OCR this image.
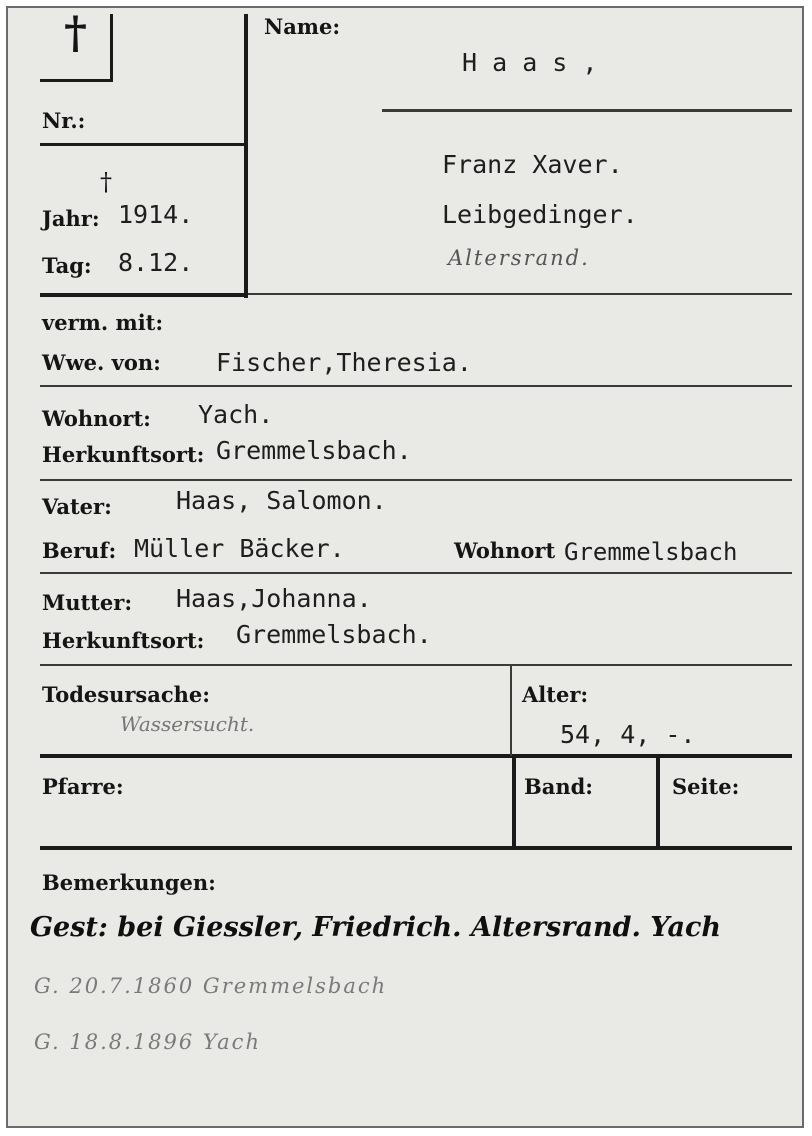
†
Nr.:
†
Jahr: 1914.
Tag: 8.12.
Name:
H a a s ,
Franz Xaver.
Leibgedinger.
Altersrand.
verm. mit:
Wwe. von: Fischer,Theresia.
Wohnort: Yach.
Herkunftsort: Gremmelsbach.
Vater:	Haas, Salomon.
Beruf: Müller Bäcker.	Wohnort Gremmelsbach
Mutter: Haas,Johanna.
Herkunftsort: Gremmelsbach.
Todesursache:
Wassersucht.
Alter:
54, 4, -.
Pfarre:	Band:	Seite:
Bemerkungen:
Gest: bei Giessler, Friedrich. Altersrand. Yach
G. 20.7.1860 Gremmelsbach
G. 18.8.1896 Yach
